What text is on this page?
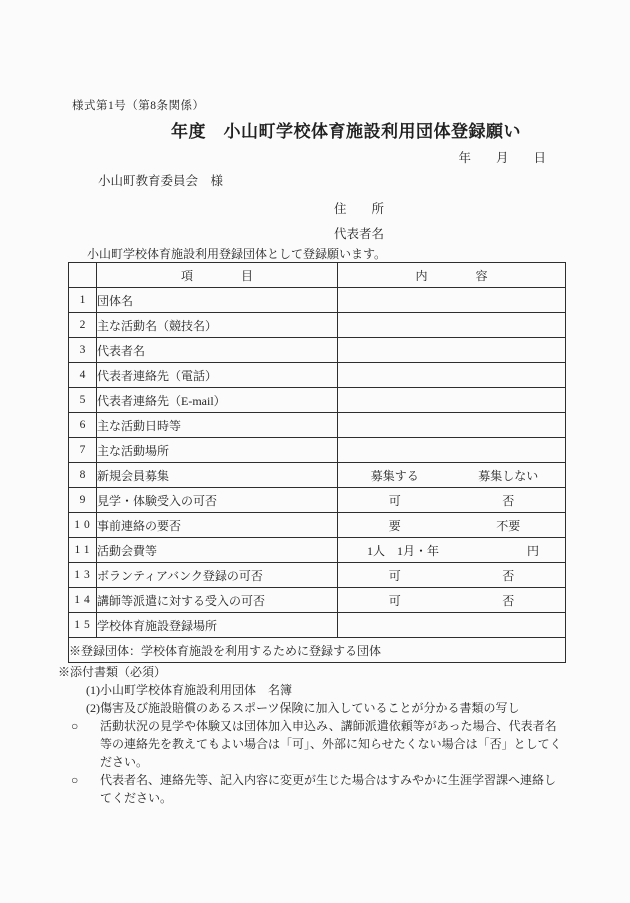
様式第1号（第8条関係）
年度　小山町学校体育施設利用団体登録願い
年　　月　　日
小山町教育委員会　様
住　　所
代表者名
小山町学校体育施設利用登録団体として登録願います。
	項　　　　目	内　　　　容
1	団体名	
2	主な活動名（競技名）	
3	代表者名	
4	代表者連絡先（電話）	
5	代表者連絡先（E-mail）	
6	主な活動日時等	
7	主な活動場所	
8	新規会員募集	募集する 募集しない

9	見学・体験受入の可否	可 否

10	事前連絡の要否	要 不要

11	活動会費等	1人　1月・年 円

13	ボランティアバンク登録の可否	可 否

14	講師等派遣に対する受入の可否	可 否

15	学校体育施設登録場所	
※登録団体：学校体育施設を利用するために登録する団体		
※添付書類（必須）
(1)小山町学校体育施設利用団体　名簿
(2)傷害及び施設賠償のあるスポーツ保険に加入していることが分かる書類の写し
○	活動状況の見学や体験又は団体加入申込み、講師派遣依頼等があった場合、代表者名等の連絡先を教えてもよい場合は「可」、外部に知らせたくない場合は「否」としてください。
○	代表者名、連絡先等、記入内容に変更が生じた場合はすみやかに生涯学習課へ連絡してください。
